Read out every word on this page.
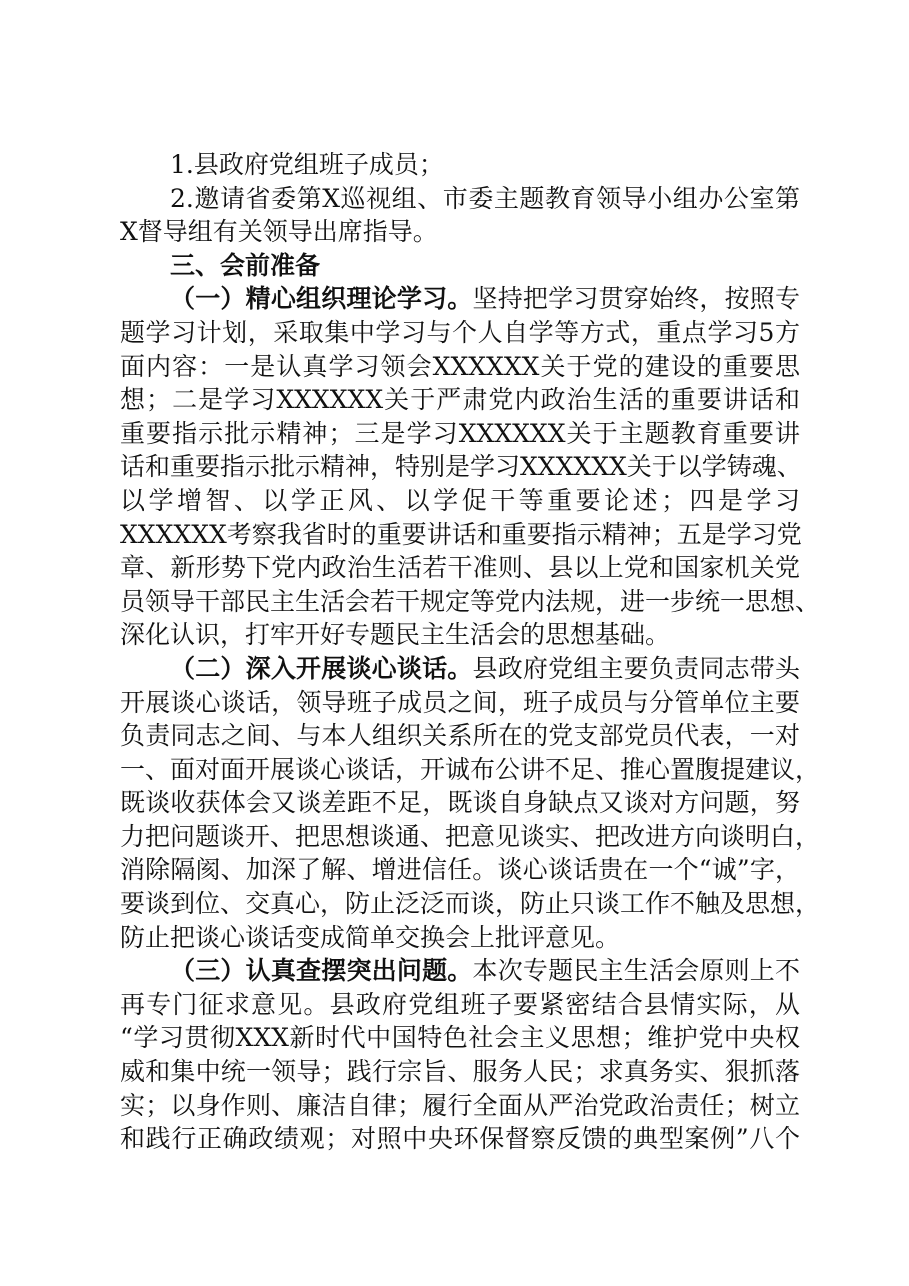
1.县政府党组班子成员；
2.邀请省委第X巡视组、市委主题教育领导小组办公室第
X督导组有关领导出席指导。
三、会前准备
（一）精心组织理论学习。坚持把学习贯穿始终，按照专
题学习计划，采取集中学习与个人自学等方式，重点学习5方
面内容：一是认真学习领会XXXXXX关于党的建设的重要思
想；二是学习XXXXXX关于严肃党内政治生活的重要讲话和
重要指示批示精神；三是学习XXXXXX关于主题教育重要讲
话和重要指示批示精神，特别是学习XXXXXX关于以学铸魂、
以学增智、以学正风、以学促干等重要论述；四是学习
XXXXXX考察我省时的重要讲话和重要指示精神；五是学习党
章、新形势下党内政治生活若干准则、县以上党和国家机关党
员领导干部民主生活会若干规定等党内法规，进一步统一思想、
深化认识，打牢开好专题民主生活会的思想基础。
（二）深入开展谈心谈话。县政府党组主要负责同志带头
开展谈心谈话，领导班子成员之间，班子成员与分管单位主要
负责同志之间、与本人组织关系所在的党支部党员代表，一对
一、面对面开展谈心谈话，开诚布公讲不足、推心置腹提建议，
既谈收获体会又谈差距不足，既谈自身缺点又谈对方问题，努
力把问题谈开、把思想谈通、把意见谈实、把改进方向谈明白，
消除隔阂、加深了解、增进信任。谈心谈话贵在一个“诚”字，
要谈到位、交真心，防止泛泛而谈，防止只谈工作不触及思想，
防止把谈心谈话变成简单交换会上批评意见。
（三）认真查摆突出问题。本次专题民主生活会原则上不
再专门征求意见。县政府党组班子要紧密结合县情实际，从
“学习贯彻XXX新时代中国特色社会主义思想；维护党中央权
威和集中统一领导；践行宗旨、服务人民；求真务实、狠抓落
实；以身作则、廉洁自律；履行全面从严治党政治责任；树立
和践行正确政绩观；对照中央环保督察反馈的典型案例”八个
